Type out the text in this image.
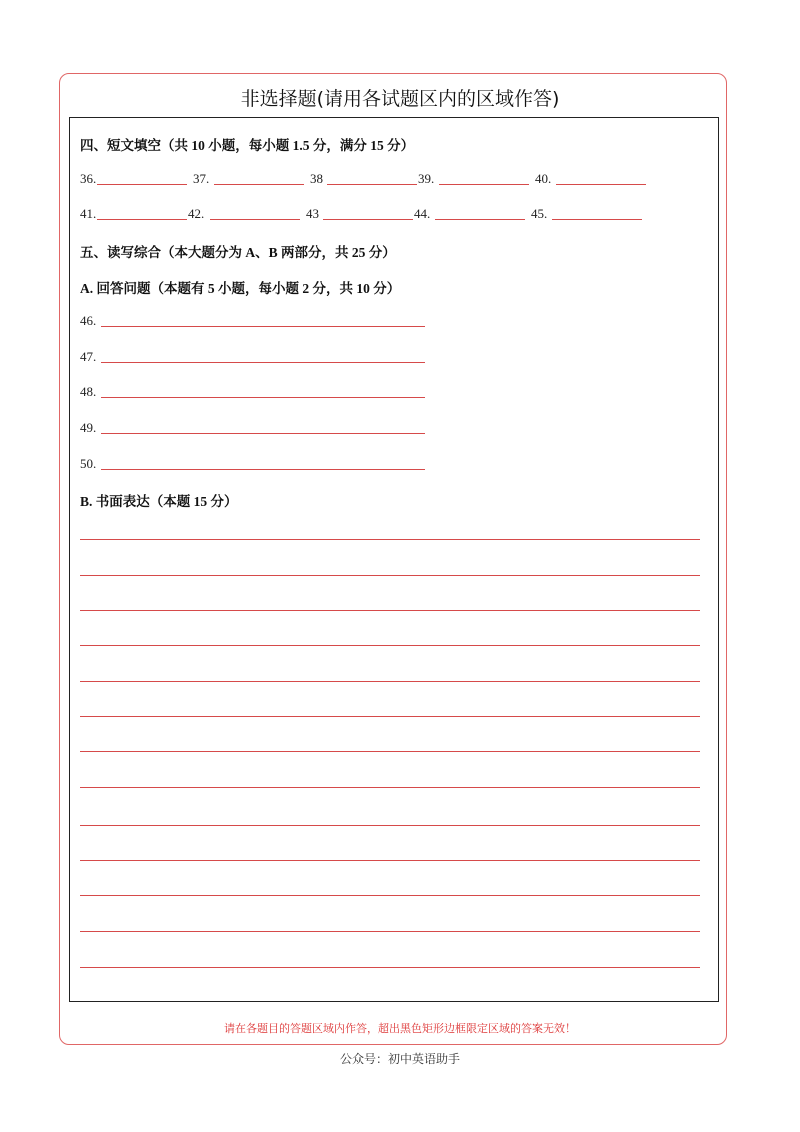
非选择题(请用各试题区内的区域作答)
四、短文填空（共 10 小题，每小题 1.5 分，满分 15 分）
36.	37.	38	39.	40.
41.	42.	43	44.	45.
五、读写综合（本大题分为 A、B 两部分，共 25 分）
A. 回答问题（本题有 5 小题，每小题 2 分，共 10 分）
46.
47.
48.
49.
50.
B. 书面表达（本题 15 分）
请在各题目的答题区域内作答，超出黑色矩形边框限定区域的答案无效！
公众号：初中英语助手
